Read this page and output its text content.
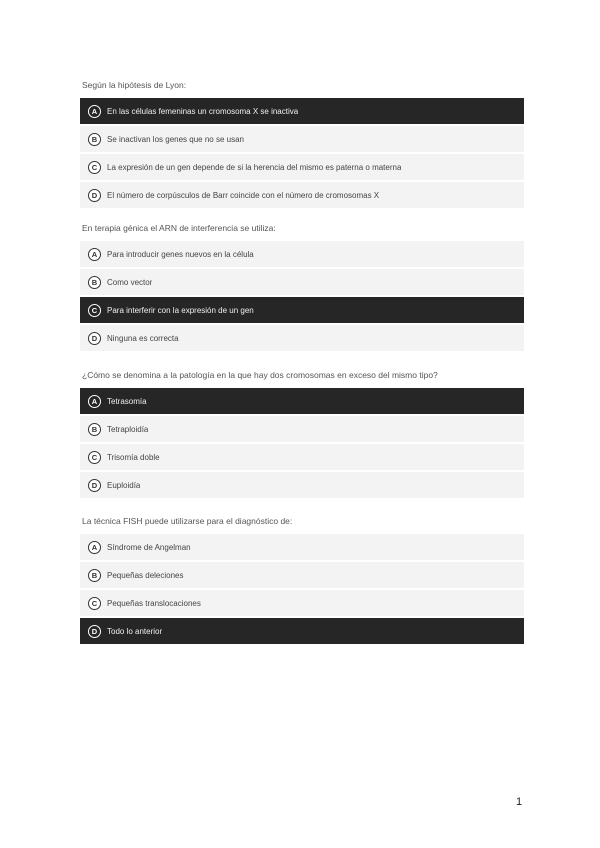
Según la hipótesis de Lyon:
A	En las células femeninas un cromosoma X se inactiva
B	Se inactivan los genes que no se usan
C	La expresión de un gen depende de si la herencia del mismo es paterna o materna
D	El número de corpúsculos de Barr coincide con el número de cromosomas X
En terapia génica el ARN de interferencia se utiliza:
A	Para introducir genes nuevos en la célula
B	Como vector
C	Para interferir con la expresión de un gen
D	Ninguna es correcta
¿Cómo se denomina a la patología en la que hay dos cromosomas en exceso del mismo tipo?
A	Tetrasomía
B	Tetraploidía
C	Trisomía doble
D	Euploidía
La técnica FISH puede utilizarse para el diagnóstico de:
A	Síndrome de Angelman
B	Pequeñas deleciones
C	Pequeñas translocaciones
D	Todo lo anterior
1
